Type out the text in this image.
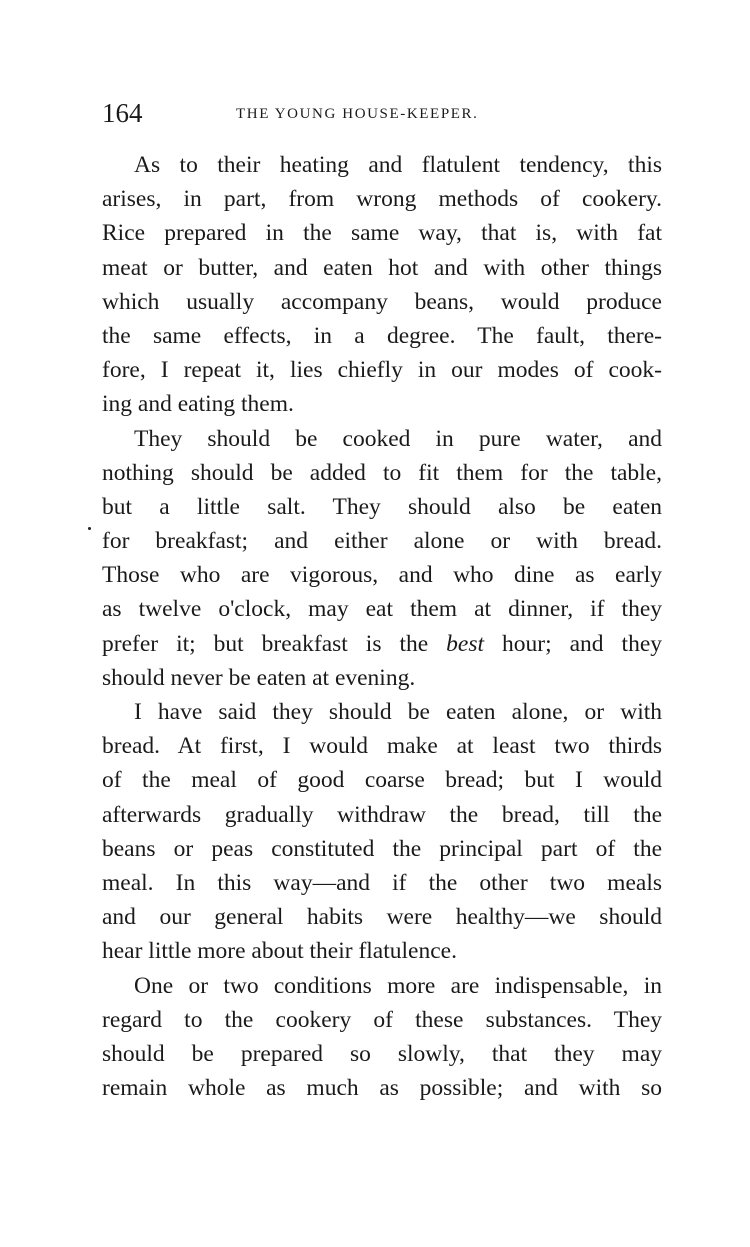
164	THE YOUNG HOUSE-KEEPER.
As to their heating and flatulent tendency, this
arises, in part, from wrong methods of cookery.
Rice prepared in the same way, that is, with fat
meat or butter, and eaten hot and with other things
which usually accompany beans, would produce
the same effects, in a degree. The fault, there-
fore, I repeat it, lies chiefly in our modes of cook-
ing and eating them.
They should be cooked in pure water, and
nothing should be added to fit them for the table,
but a little salt. They should also be eaten
for breakfast; and either alone or with bread.
Those who are vigorous, and who dine as early
as twelve o'clock, may eat them at dinner, if they
prefer it; but breakfast is the best hour; and they
should never be eaten at evening.
I have said they should be eaten alone, or with
bread. At first, I would make at least two thirds
of the meal of good coarse bread; but I would
afterwards gradually withdraw the bread, till the
beans or peas constituted the principal part of the
meal. In this way—and if the other two meals
and our general habits were healthy—we should
hear little more about their flatulence.
One or two conditions more are indispensable, in
regard to the cookery of these substances. They
should be prepared so slowly, that they may
remain whole as much as possible; and with so
